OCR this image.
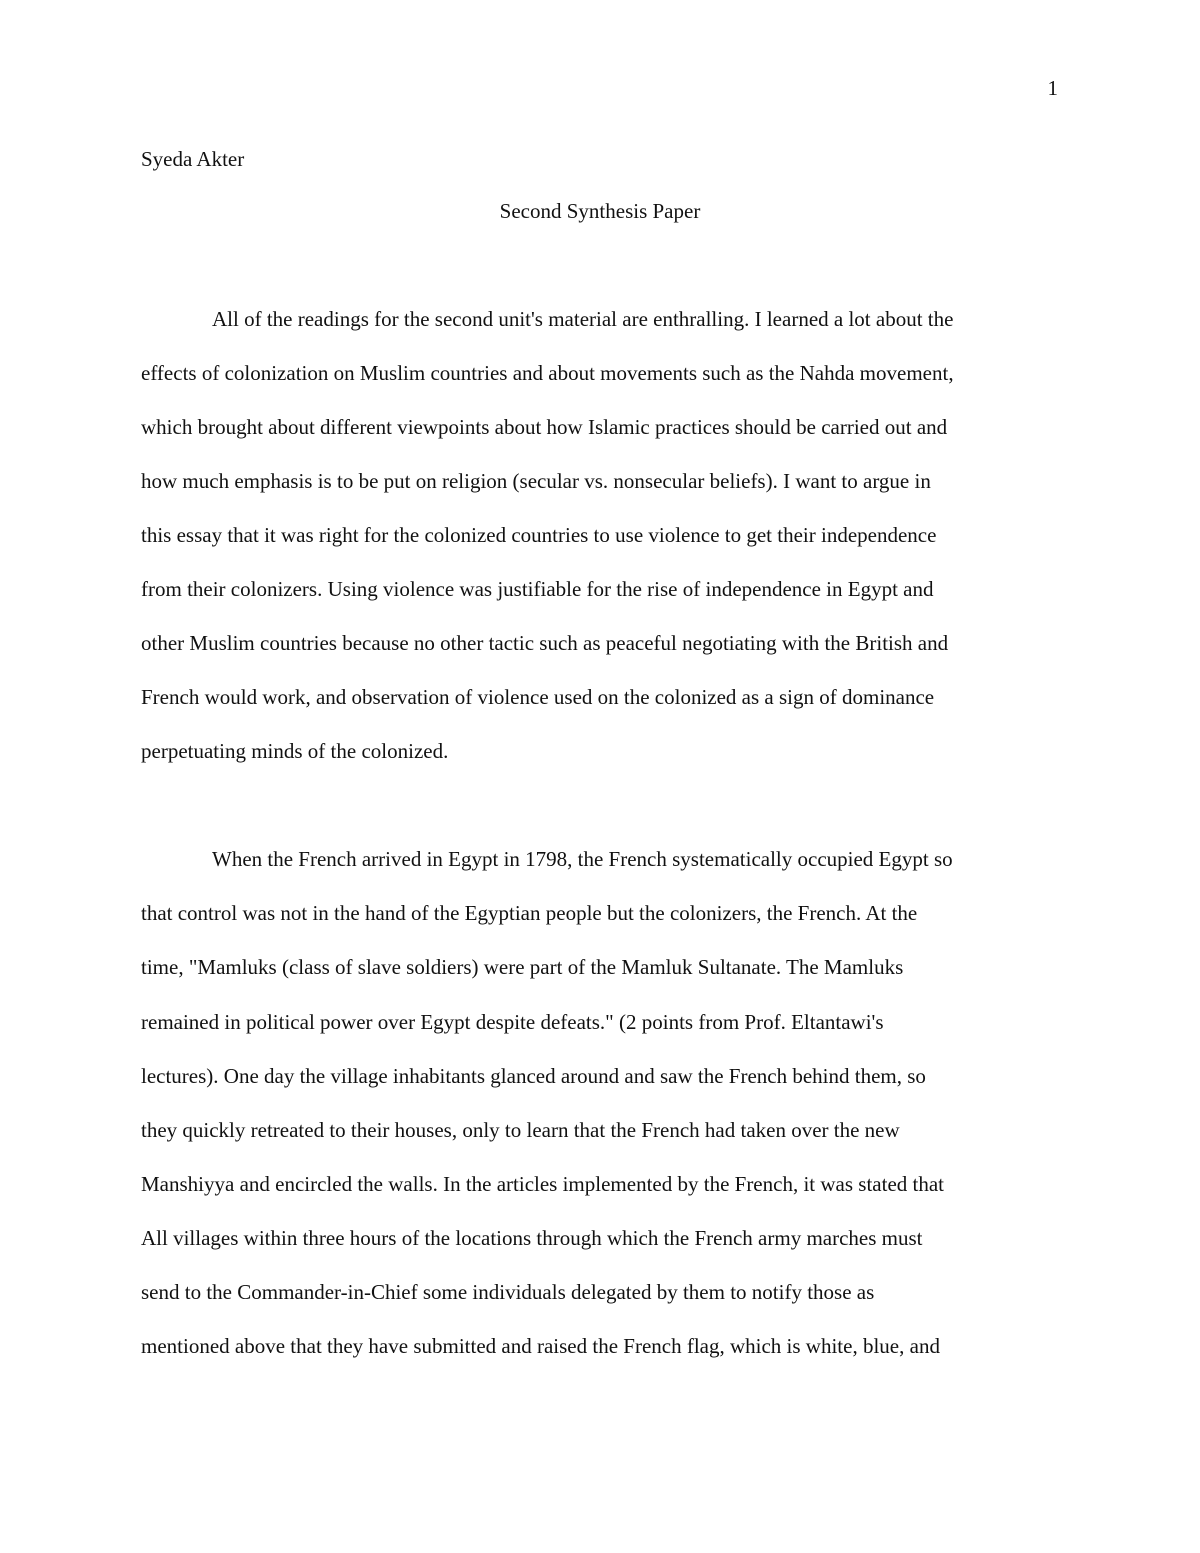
1
Syeda Akter
Second Synthesis Paper
All of the readings for the second unit's material are enthralling. I learned a lot about the
effects of colonization on Muslim countries and about movements such as the Nahda movement,
which brought about different viewpoints about how Islamic practices should be carried out and
how much emphasis is to be put on religion (secular vs. nonsecular beliefs). I want to argue in
this essay that it was right for the colonized countries to use violence to get their independence
from their colonizers. Using violence was justifiable for the rise of independence in Egypt and
other Muslim countries because no other tactic such as peaceful negotiating with the British and
French would work, and observation of violence used on the colonized as a sign of dominance
perpetuating minds of the colonized.
When the French arrived in Egypt in 1798, the French systematically occupied Egypt so
that control was not in the hand of the Egyptian people but the colonizers, the French. At the
time, "Mamluks (class of slave soldiers) were part of the Mamluk Sultanate. The Mamluks
remained in political power over Egypt despite defeats." (2 points from Prof. Eltantawi's
lectures). One day the village inhabitants glanced around and saw the French behind them, so
they quickly retreated to their houses, only to learn that the French had taken over the new
Manshiyya and encircled the walls. In the articles implemented by the French, it was stated that
All villages within three hours of the locations through which the French army marches must
send to the Commander-in-Chief some individuals delegated by them to notify those as
mentioned above that they have submitted and raised the French flag, which is white, blue, and
